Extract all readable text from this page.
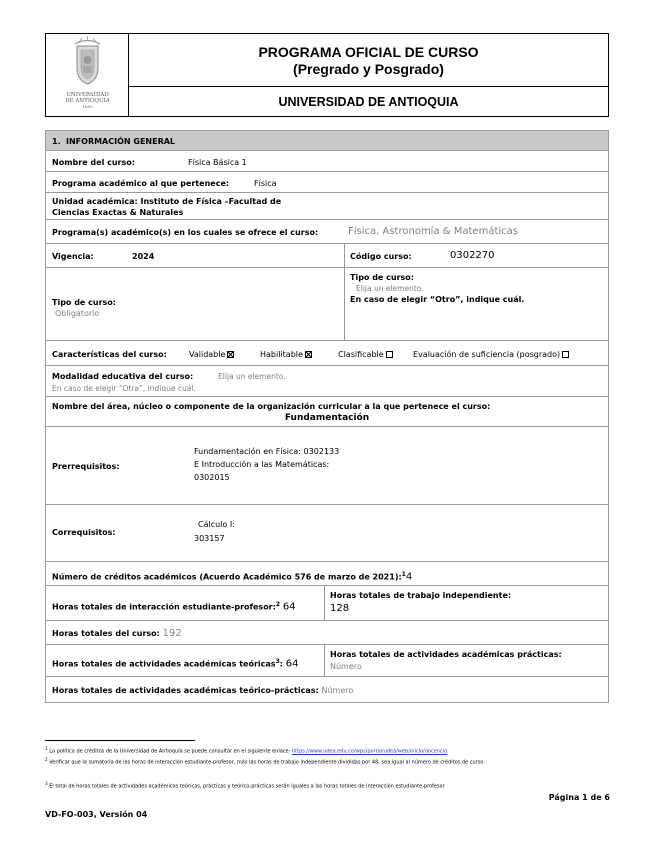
UNIVERSIDAD
DE ANTIOQUIA
1803
PROGRAMA OFICIAL DE CURSO
(Pregrado y Posgrado)
UNIVERSIDAD DE ANTIOQUIA
1. INFORMACIÓN GENERAL
Nombre del curso:	Física Básica 1
Programa académico al que pertenece:	Física
Unidad académica: Instituto de Física –Facultad de
Ciencias Exactas & Naturales
Programa(s) académico(s) en los cuales se ofrece el curso:	Física, Astronomía & Matemáticas
Vigencia:	2024	Código curso:	0302270
Tipo de curso:
Obligatorio
Tipo de curso:
Elija un elemento.
En caso de elegir “Otro”, indique cuál.
Características del curso:	Validable	Habilitable	Clasificable	Evaluación de suficiencia (posgrado)
Modalidad educativa del curso:	Elija un elemento.
En caso de elegir “Otra”, indique cuál.
Nombre del área, núcleo o componente de la organización curricular a la que pertenece el curso:
Fundamentación
Prerrequisitos:
Fundamentación en Física: 0302133
E Introducción a las Matemáticas:
0302015
Correquisitos:
Cálculo I:
303157
Número de créditos académicos (Acuerdo Académico 576 de marzo de 2021):$^1$4
Horas totales de interacción estudiante-profesor:$^2$ 64
Horas totales de trabajo independiente:
128
Horas totales del curso: 192
Horas totales de actividades académicas teóricas$^3$: 64
Horas totales de actividades académicas prácticas:
Número
Horas totales de actividades académicas teórico-prácticas: Número
$^1$ La política de créditos de la Universidad de Antioquia se puede consultar en el siguiente enlace: https://www.udea.edu.co/wps/portal/udea/web/inicio/docencia
$^2$ Verificar que la sumatoria de las horas de interacción estudiante-profesor, más las horas de trabajo independiente divididas por 48, sea igual al número de créditos de curso.
$^3$ El total de horas totales de actividades académicas teóricas, prácticas y teórico-prácticas serán iguales a las horas totales de interacción estudiante-profesor
Página 1 de 6
VD-FO-003, Versión 04
